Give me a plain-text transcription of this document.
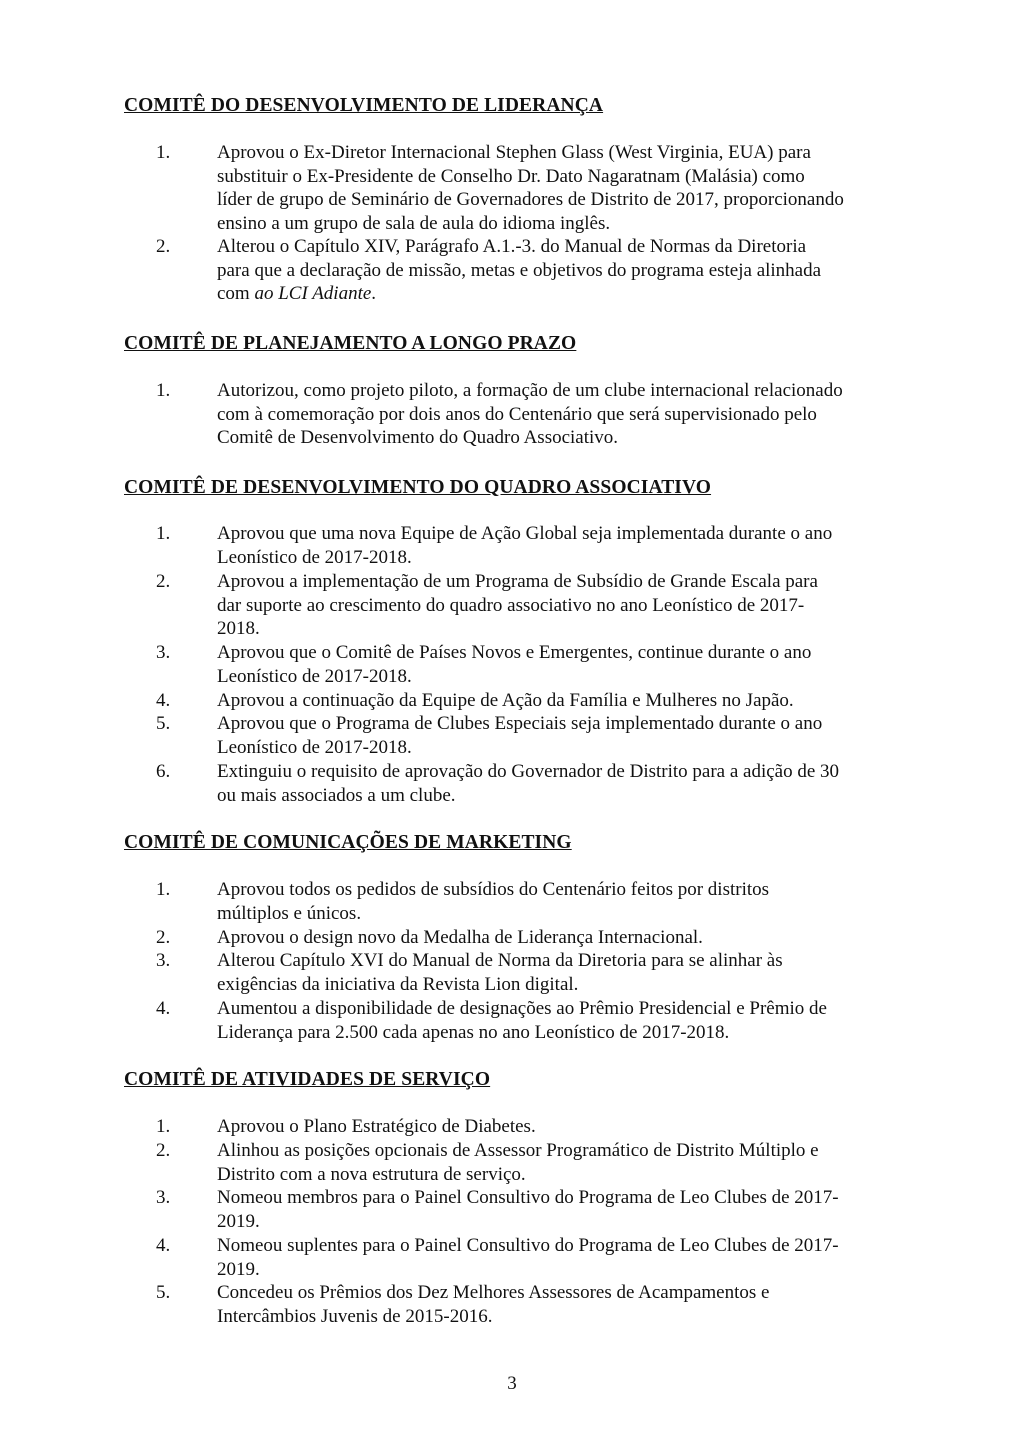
COMITÊ DO DESENVOLVIMENTO DE LIDERANÇA
1. Aprovou o Ex-Diretor Internacional Stephen Glass (West Virginia, EUA) para
substituir o Ex-Presidente de Conselho Dr. Dato Nagaratnam (Malásia) como
líder de grupo de Seminário de Governadores de Distrito de 2017, proporcionando
ensino a um grupo de sala de aula do idioma inglês.
2. Alterou o Capítulo XIV, Parágrafo A.1.-3. do Manual de Normas da Diretoria
para que a declaração de missão, metas e objetivos do programa esteja alinhada
com ao LCI Adiante.
COMITÊ DE PLANEJAMENTO A LONGO PRAZO
1. Autorizou, como projeto piloto, a formação de um clube internacional relacionado
com à comemoração por dois anos do Centenário que será supervisionado pelo
Comitê de Desenvolvimento do Quadro Associativo.
COMITÊ DE DESENVOLVIMENTO DO QUADRO ASSOCIATIVO
1. Aprovou que uma nova Equipe de Ação Global seja implementada durante o ano
Leonístico de 2017-2018.
2. Aprovou a implementação de um Programa de Subsídio de Grande Escala para
dar suporte ao crescimento do quadro associativo no ano Leonístico de 2017-
2018.
3. Aprovou que o Comitê de Países Novos e Emergentes, continue durante o ano
Leonístico de 2017-2018.
4. Aprovou a continuação da Equipe de Ação da Família e Mulheres no Japão.
5. Aprovou que o Programa de Clubes Especiais seja implementado durante o ano
Leonístico de 2017-2018.
6. Extinguiu o requisito de aprovação do Governador de Distrito para a adição de 30
ou mais associados a um clube.
COMITÊ DE COMUNICAÇÕES DE MARKETING
1. Aprovou todos os pedidos de subsídios do Centenário feitos por distritos
múltiplos e únicos.
2. Aprovou o design novo da Medalha de Liderança Internacional.
3. Alterou Capítulo XVI do Manual de Norma da Diretoria para se alinhar às
exigências da iniciativa da Revista Lion digital.
4. Aumentou a disponibilidade de designações ao Prêmio Presidencial e Prêmio de
Liderança para 2.500 cada apenas no ano Leonístico de 2017-2018.
COMITÊ DE ATIVIDADES DE SERVIÇO
1. Aprovou o Plano Estratégico de Diabetes.
2. Alinhou as posições opcionais de Assessor Programático de Distrito Múltiplo e
Distrito com a nova estrutura de serviço.
3. Nomeou membros para o Painel Consultivo do Programa de Leo Clubes de 2017-
2019.
4. Nomeou suplentes para o Painel Consultivo do Programa de Leo Clubes de 2017-
2019.
5. Concedeu os Prêmios dos Dez Melhores Assessores de Acampamentos e
Intercâmbios Juvenis de 2015-2016.
3
